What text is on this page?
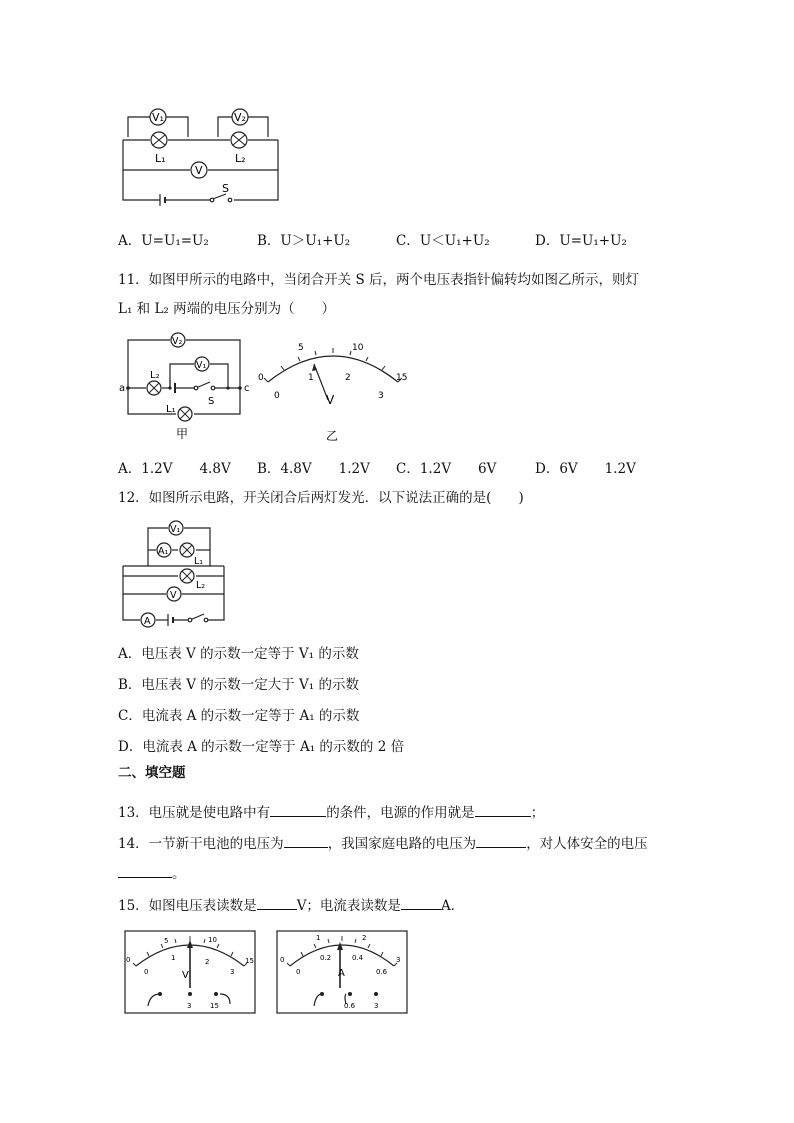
V₁	V₂
V
L₁	L₂
S
A．U=U₁=U₂	B．U＞U₁+U₂	C．U＜U₁+U₂	D．U=U₁+U₂
11．如图甲所示的电路中，当闭合开关 S 后，两个电压表指针偏转均如图乙所示，则灯
L₁ 和 L₂ 两端的电压分别为（　　）
V₂
V₁
L₂
L₁
a	c
S
甲
0
5	10
15
0
1	2
3
V
乙
A．1.2V　　4.8V B．4.8V　　1.2V C．1.2V　　6V	D．6V　　1.2V
12．如图所示电路，开关闭合后两灯发光．以下说法正确的是(　　)
V₁
A₁
L₁
L₂
V
A
A．电压表 V 的示数一定等于 V₁ 的示数
B．电压表 V 的示数一定大于 V₁ 的示数
C．电流表 A 的示数一定等于 A₁ 的示数
D．电流表 A 的示数一定等于 A₁ 的示数的 2 倍
二、填空题
13．电压就是使电路中有	的条件，电源的作用就是	；
14．一节新干电池的电压为	，我国家庭电路的电压为	，对人体安全的电压
。
15．如图电压表读数是	V；电流表读数是	A．
0
5	10
15
0
1	2
3
V
3	15
0
1	2
3
0
0.2	0.4
0.6
A
0.6	3
